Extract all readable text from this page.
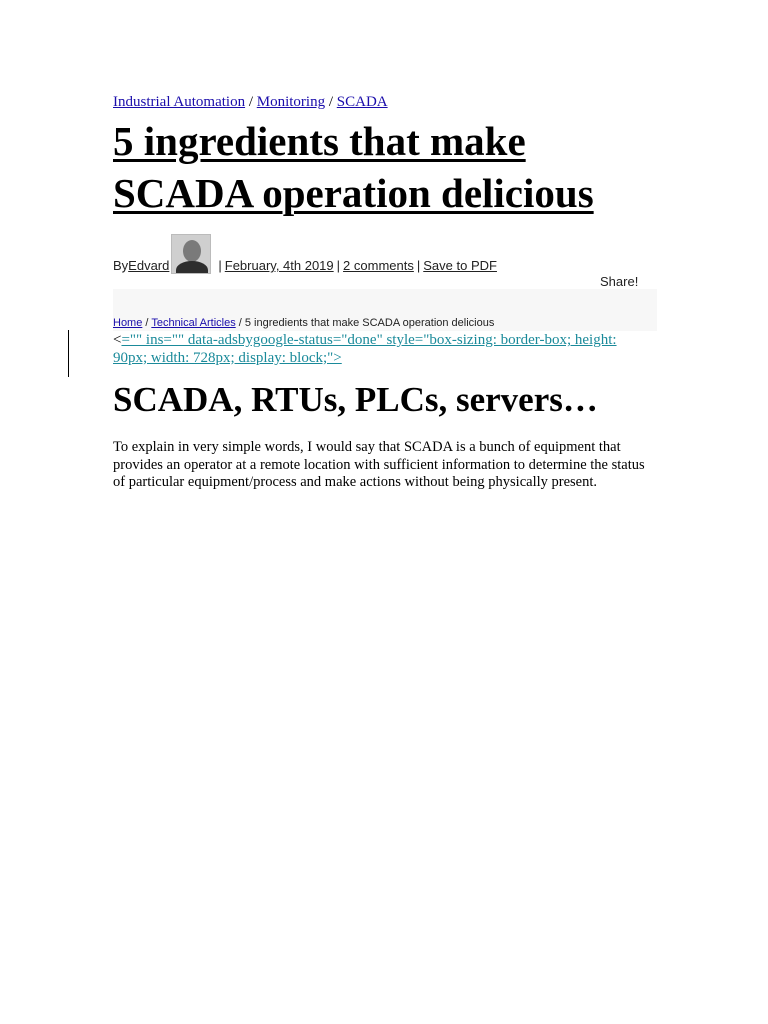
Industrial Automation / Monitoring / SCADA
5 ingredients that make
SCADA operation delicious
By Edvard	| February, 4th 2019 | 2 comments | Save to PDF
Share!
Home / Technical Articles / 5 ingredients that make SCADA operation delicious
<="" ins="" data-adsbygoogle-status="done" style="box-sizing: border-box; height: 90px; width: 728px; display: block;">
SCADA, RTUs, PLCs, servers…

To explain in very simple words, I would say that SCADA is a bunch of equipment that provides an operator at a remote location with sufficient information to determine the status of particular equipment/process and make actions without being physically present.
